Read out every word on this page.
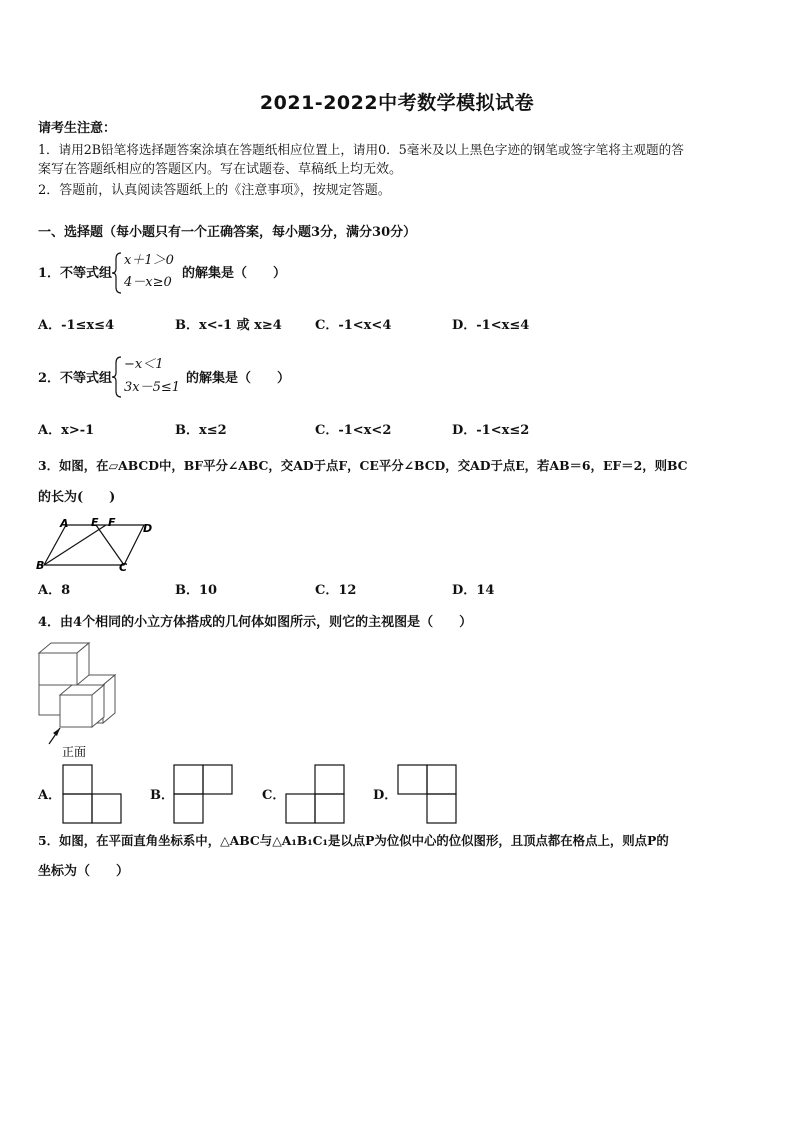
2021-2022中考数学模拟试卷
请考生注意：
1．请用2B铅笔将选择题答案涂填在答题纸相应位置上，请用0．5毫米及以上黑色字迹的钢笔或签字笔将主观题的答
案写在答题纸相应的答题区内。写在试题卷、草稿纸上均无效。
2．答题前，认真阅读答题纸上的《注意事项》，按规定答题。
一、选择题（每小题只有一个正确答案，每小题3分，满分30分）
1．不等式组
x＋1＞0
4－x≥0
的解集是（　　）
A．-1≤x≤4	B．x<-1 或 x≥4	C．-1<x<4	D．-1<x≤4
2．不等式组
−x＜1
3x－5≤1
的解集是（　　）
A．x>-1	B．x≤2	C．-1<x<2	D．-1<x≤2
3．如图，在▱ABCD中，BF平分∠ABC，交AD于点F，CE平分∠BCD，交AD于点E，若AB＝6，EF＝2，则BC
的长为(　　)
A E F D
B	C
A．8	B．10	C．12	D．14
4．由4个相同的小立方体搭成的几何体如图所示，则它的主视图是（　　）
正面
A．	B．	C．	D．
5．如图，在平面直角坐标系中，△ABC与△A₁B₁C₁是以点P为位似中心的位似图形，且顶点都在格点上，则点P的
坐标为（　　）
